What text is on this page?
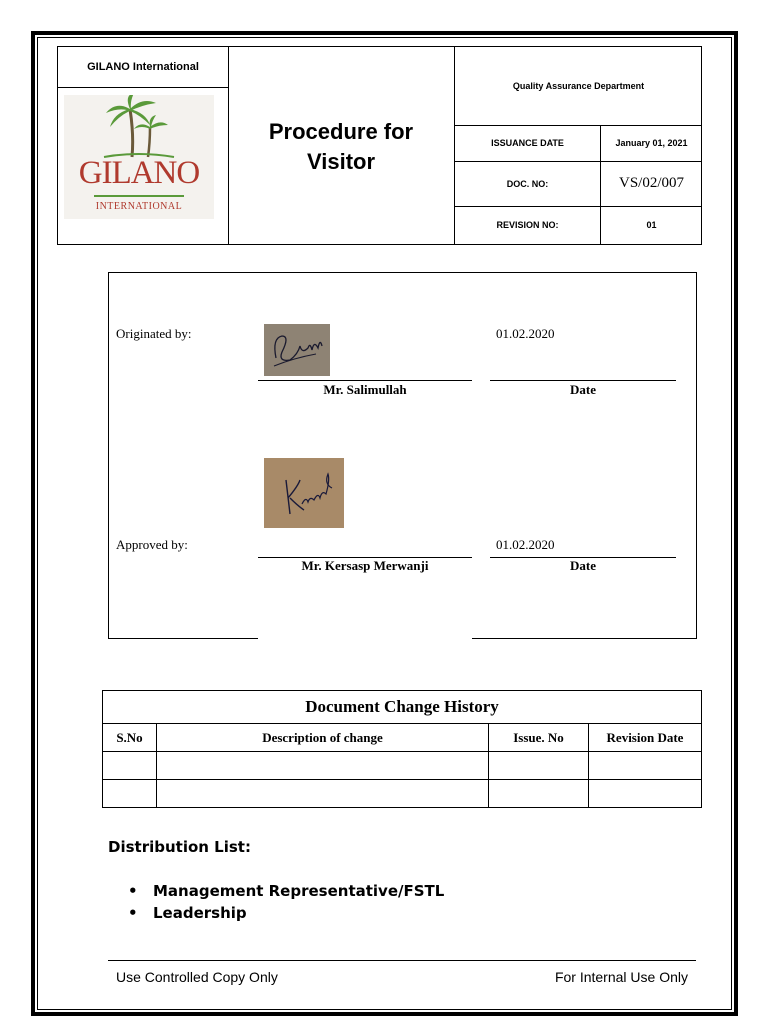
GILANO International
GILANO
INTERNATIONAL
Procedure for
Visitor
Quality Assurance Department
ISSUANCE DATE	January 01, 2021
DOC. NO:	VS/02/007
REVISION NO:	01
Originated by:	01.02.2020
Mr. Salimullah	Date
Approved by:	01.02.2020
Mr. Kersasp Merwanji	Date
Document Change History			
S.No	Description of change	Issue. No	Revision Date

Distribution List:
•	Management Representative/FSTL
•	Leadership
Use Controlled Copy Only	For Internal Use Only
